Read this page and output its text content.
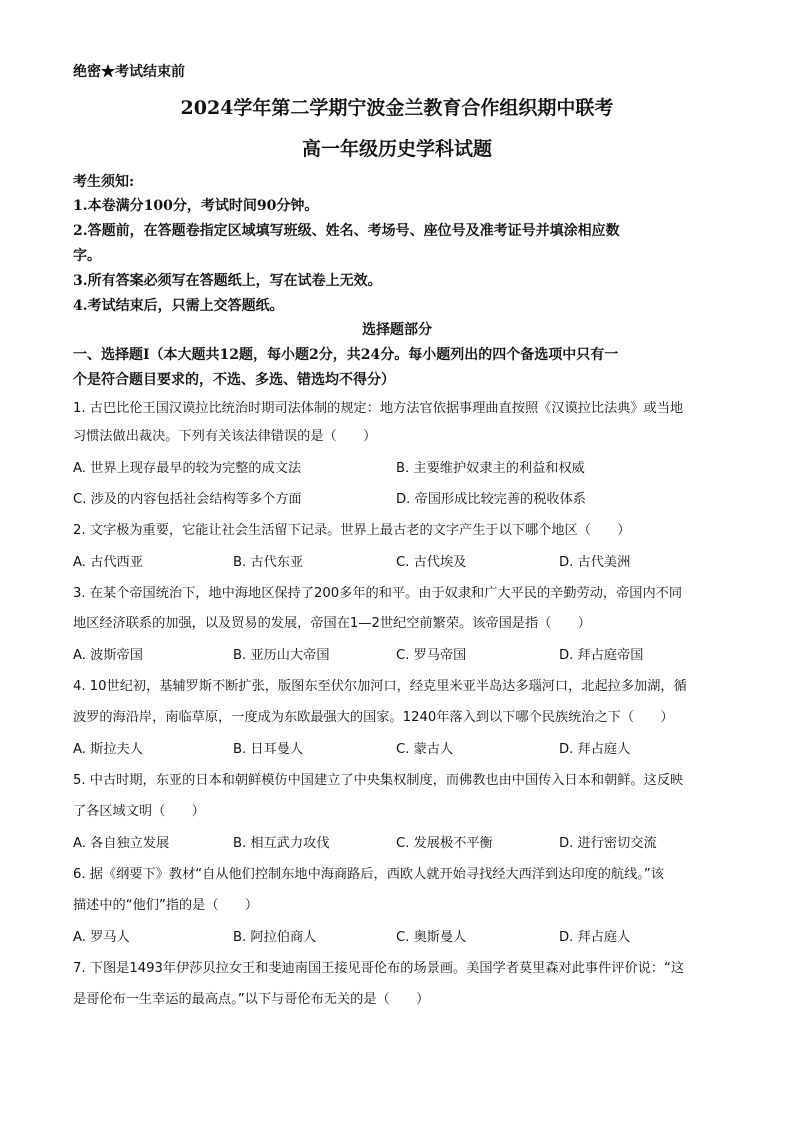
绝密★考试结束前
2024学年第二学期宁波金兰教育合作组织期中联考
高一年级历史学科试题
考生须知:
1.本卷满分100分，考试时间90分钟。
2.答题前，在答题卷指定区域填写班级、姓名、考场号、座位号及准考证号并填涂相应数
字。
3.所有答案必须写在答题纸上，写在试卷上无效。
4.考试结束后，只需上交答题纸。
选择题部分
一、选择题Ⅰ（本大题共12题，每小题2分，共24分。每小题列出的四个备选项中只有一
个是符合题目要求的，不选、多选、错选均不得分）
1. 古巴比伦王国汉谟拉比统治时期司法体制的规定：地方法官依据事理曲直按照《汉谟拉比法典》或当地
习惯法做出裁决。下列有关该法律错误的是（　　）
A. 世界上现存最早的较为完整的成文法	B. 主要维护奴隶主的利益和权威
C. 涉及的内容包括社会结构等多个方面	D. 帝国形成比较完善的税收体系
2. 文字极为重要，它能让社会生活留下记录。世界上最古老的文字产生于以下哪个地区（　　）
A. 古代西亚	B. 古代东亚	C. 古代埃及	D. 古代美洲
3. 在某个帝国统治下，地中海地区保持了200多年的和平。由于奴隶和广大平民的辛勤劳动，帝国内不同
地区经济联系的加强，以及贸易的发展，帝国在1—2世纪空前繁荣。该帝国是指（　　）
A. 波斯帝国	B. 亚历山大帝国	C. 罗马帝国	D. 拜占庭帝国
4. 10世纪初，基辅罗斯不断扩张，版图东至伏尔加河口，经克里米亚半岛达多瑙河口，北起拉多加湖，循
波罗的海沿岸，南临草原，一度成为东欧最强大的国家。1240年落入到以下哪个民族统治之下（　　）
A. 斯拉夫人	B. 日耳曼人	C. 蒙古人	D. 拜占庭人
5. 中古时期，东亚的日本和朝鲜模仿中国建立了中央集权制度，而佛教也由中国传入日本和朝鲜。这反映
了各区域文明（　　）
A. 各自独立发展	B. 相互武力攻伐	C. 发展极不平衡	D. 进行密切交流
6. 据《纲要下》教材“自从他们控制东地中海商路后，西欧人就开始寻找经大西洋到达印度的航线。”该
描述中的“他们”指的是（　　）
A. 罗马人	B. 阿拉伯商人	C. 奥斯曼人	D. 拜占庭人
7. 下图是1493年伊莎贝拉女王和斐迪南国王接见哥伦布的场景画。美国学者莫里森对此事件评价说：“这
是哥伦布一生幸运的最高点。”以下与哥伦布无关的是（　　）
